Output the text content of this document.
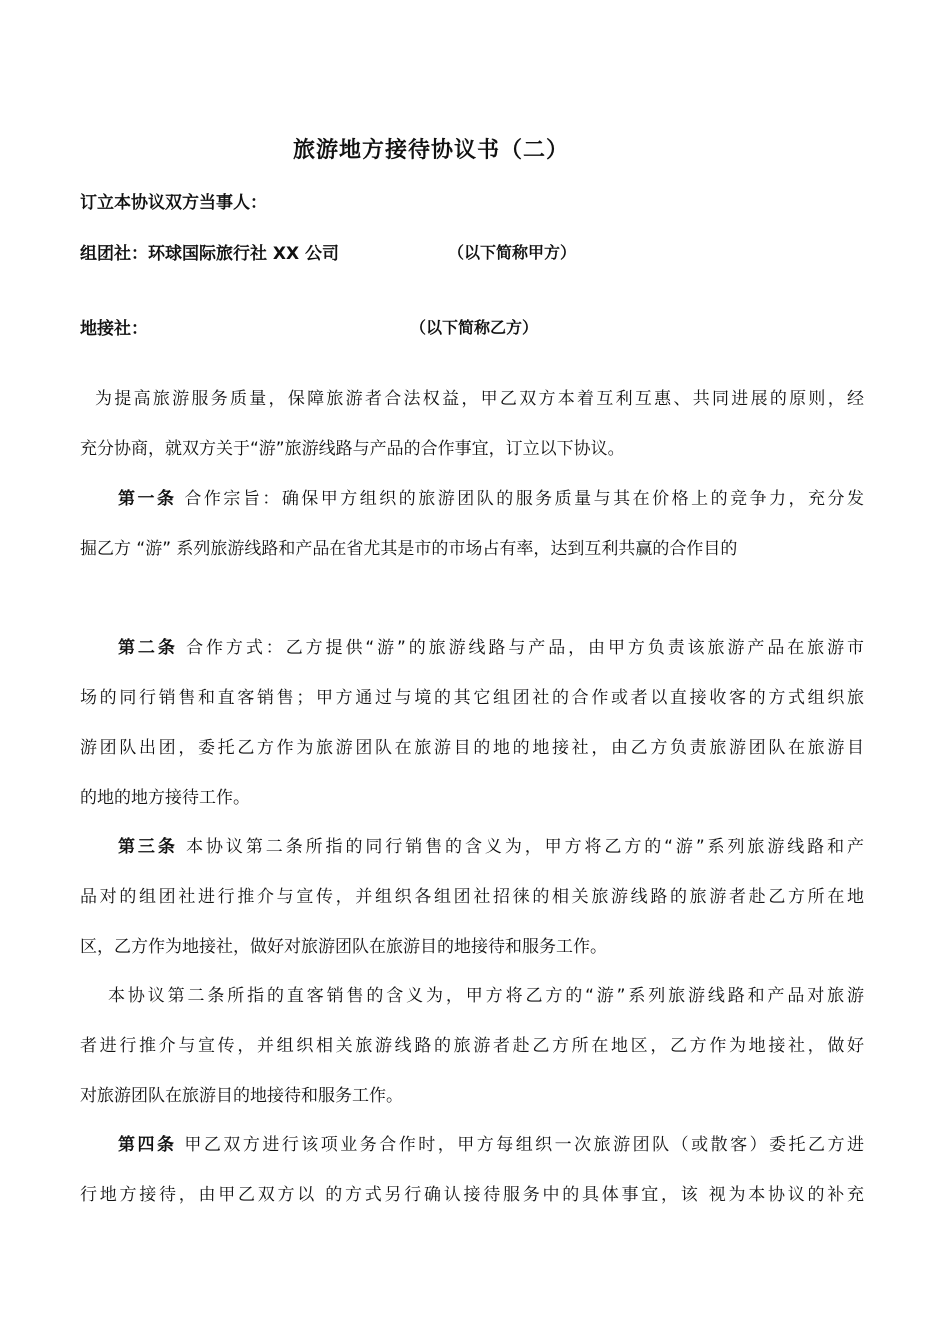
旅游地方接待协议书（二）
订立本协议双方当事人：
组团社：环球国际旅行社 XX 公司	（以下简称甲方）
地接社：	（以下简称乙方）
为提高旅游服务质量，保障旅游者合法权益，甲乙双方本着互利互惠、共同进展的原则，经
充分协商，就双方关于“游”旅游线路与产品的合作事宜，订立以下协议。
第一条 合作宗旨：确保甲方组织的旅游团队的服务质量与其在价格上的竞争力，充分发
掘乙方 “游” 系列旅游线路和产品在省尤其是市的市场占有率，达到互利共赢的合作目的
第二条 合作方式：乙方提供“游”的旅游线路与产品，由甲方负责该旅游产品在旅游市
场的同行销售和直客销售；甲方通过与境的其它组团社的合作或者以直接收客的方式组织旅
游团队出团，委托乙方作为旅游团队在旅游目的地的地接社，由乙方负责旅游团队在旅游目
的地的地方接待工作。
第三条 本协议第二条所指的同行销售的含义为，甲方将乙方的“游”系列旅游线路和产
品对的组团社进行推介与宣传，并组织各组团社招徕的相关旅游线路的旅游者赴乙方所在地
区，乙方作为地接社，做好对旅游团队在旅游目的地接待和服务工作。
本协议第二条所指的直客销售的含义为，甲方将乙方的“游”系列旅游线路和产品对旅游
者进行推介与宣传，并组织相关旅游线路的旅游者赴乙方所在地区，乙方作为地接社，做好
对旅游团队在旅游目的地接待和服务工作。
第四条 甲乙双方进行该项业务合作时，甲方每组织一次旅游团队（或散客）委托乙方进
行地方接待，由甲乙双方以 的方式另行确认接待服务中的具体事宜，该 视为本协议的补充
